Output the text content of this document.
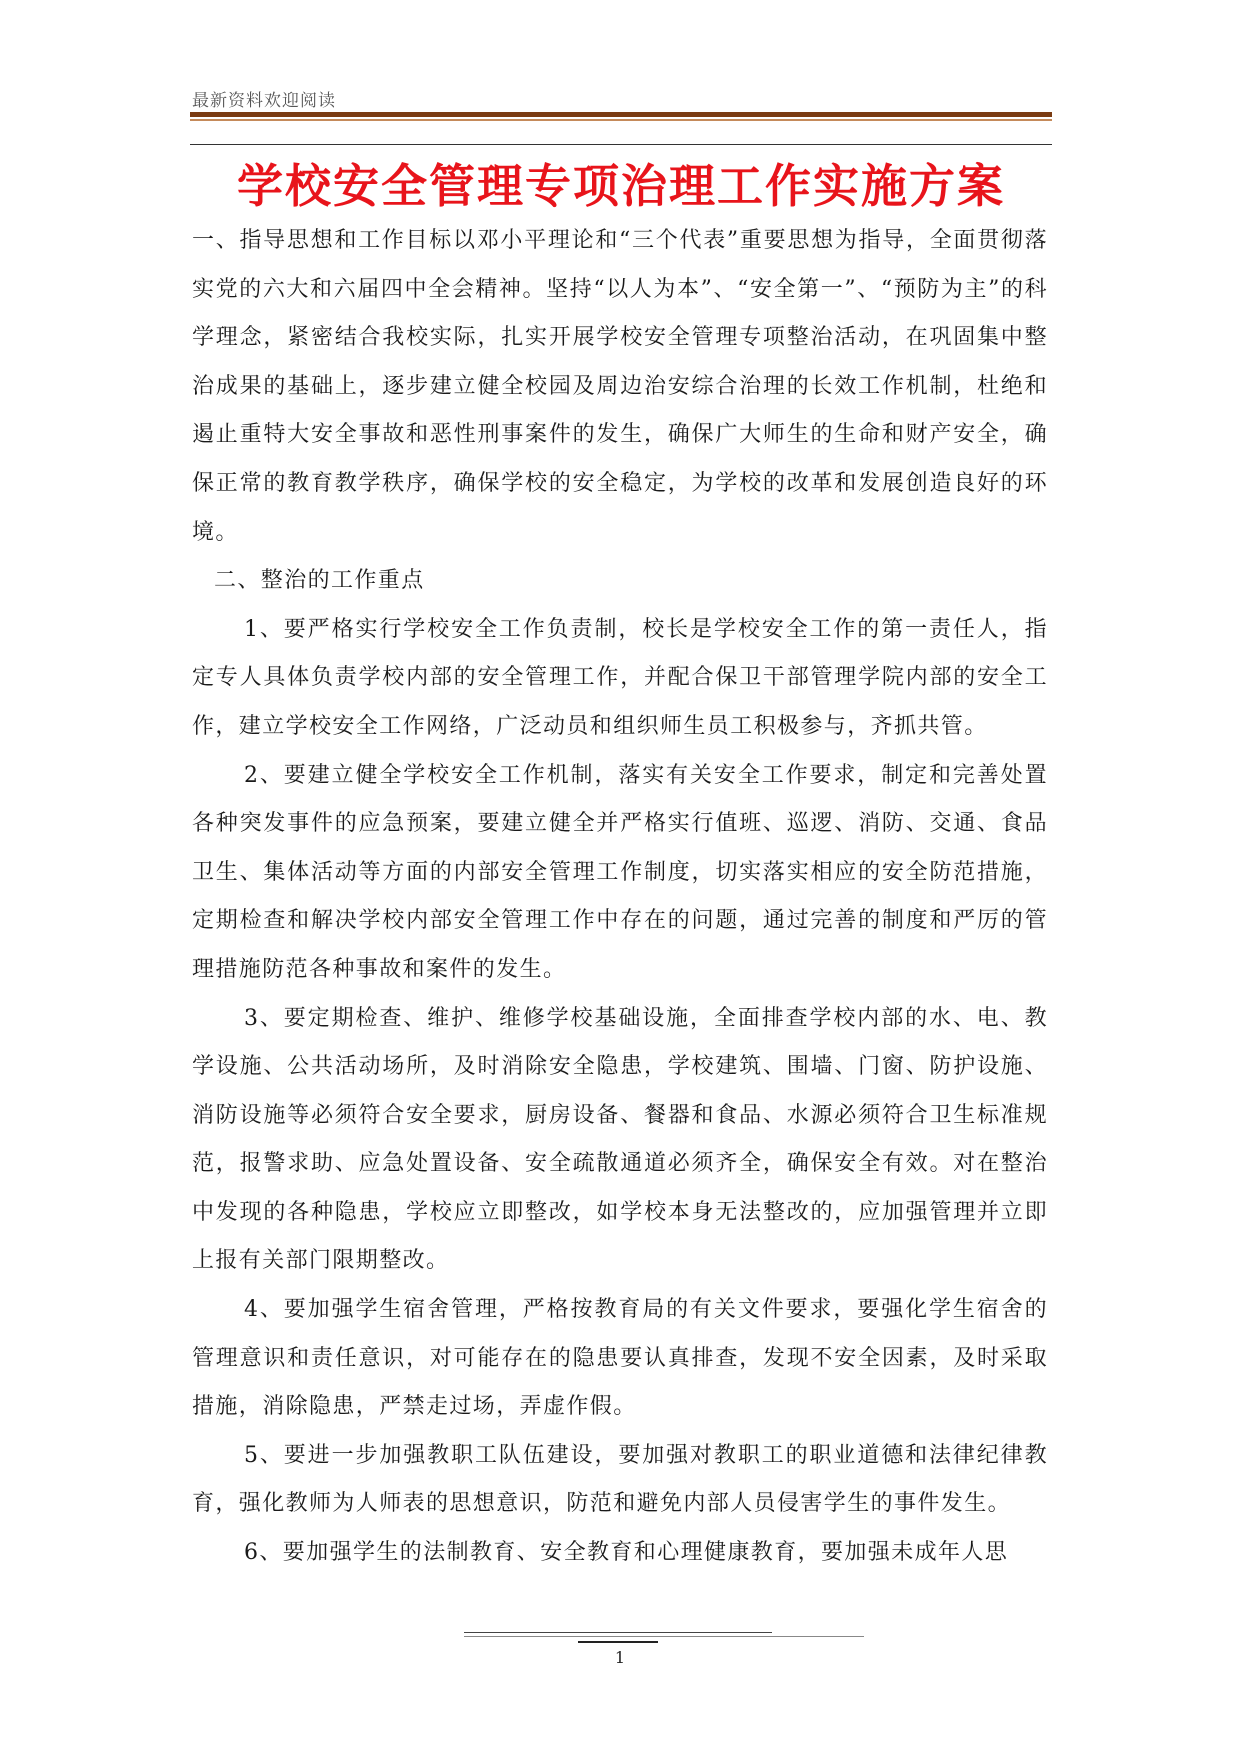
最新资料欢迎阅读
学校安全管理专项治理工作实施方案

一、指导思想和工作目标以邓小平理论和“三个代表”重要思想为指导，全面贯彻落实党的六大和六届四中全会精神。坚持“以人为本”、“安全第一”、“预防为主”的科学理念，紧密结合我校实际，扎实开展学校安全管理专项整治活动，在巩固集中整治成果的基础上，逐步建立健全校园及周边治安综合治理的长效工作机制，杜绝和遏止重特大安全事故和恶性刑事案件的发生，确保广大师生的生命和财产安全，确保正常的教育教学秩序，确保学校的安全稳定，为学校的改革和发展创造良好的环境。

二、整治的工作重点

1、要严格实行学校安全工作负责制，校长是学校安全工作的第一责任人，指定专人具体负责学校内部的安全管理工作，并配合保卫干部管理学院内部的安全工作，建立学校安全工作网络，广泛动员和组织师生员工积极参与，齐抓共管。

2、要建立健全学校安全工作机制，落实有关安全工作要求，制定和完善处置各种突发事件的应急预案，要建立健全并严格实行值班、巡逻、消防、交通、食品卫生、集体活动等方面的内部安全管理工作制度，切实落实相应的安全防范措施，定期检查和解决学校内部安全管理工作中存在的问题，通过完善的制度和严厉的管理措施防范各种事故和案件的发生。

3、要定期检查、维护、维修学校基础设施，全面排查学校内部的水、电、教学设施、公共活动场所，及时消除安全隐患，学校建筑、围墙、门窗、防护设施、消防设施等必须符合安全要求，厨房设备、餐器和食品、水源必须符合卫生标准规范，报警求助、应急处置设备、安全疏散通道必须齐全，确保安全有效。对在整治中发现的各种隐患，学校应立即整改，如学校本身无法整改的，应加强管理并立即上报有关部门限期整改。

4、要加强学生宿舍管理，严格按教育局的有关文件要求，要强化学生宿舍的管理意识和责任意识，对可能存在的隐患要认真排查，发现不安全因素，及时采取措施，消除隐患，严禁走过场，弄虚作假。

5、要进一步加强教职工队伍建设，要加强对教职工的职业道德和法律纪律教育，强化教师为人师表的思想意识，防范和避免内部人员侵害学生的事件发生。

6、要加强学生的法制教育、安全教育和心理健康教育，要加强未成年人思

1
